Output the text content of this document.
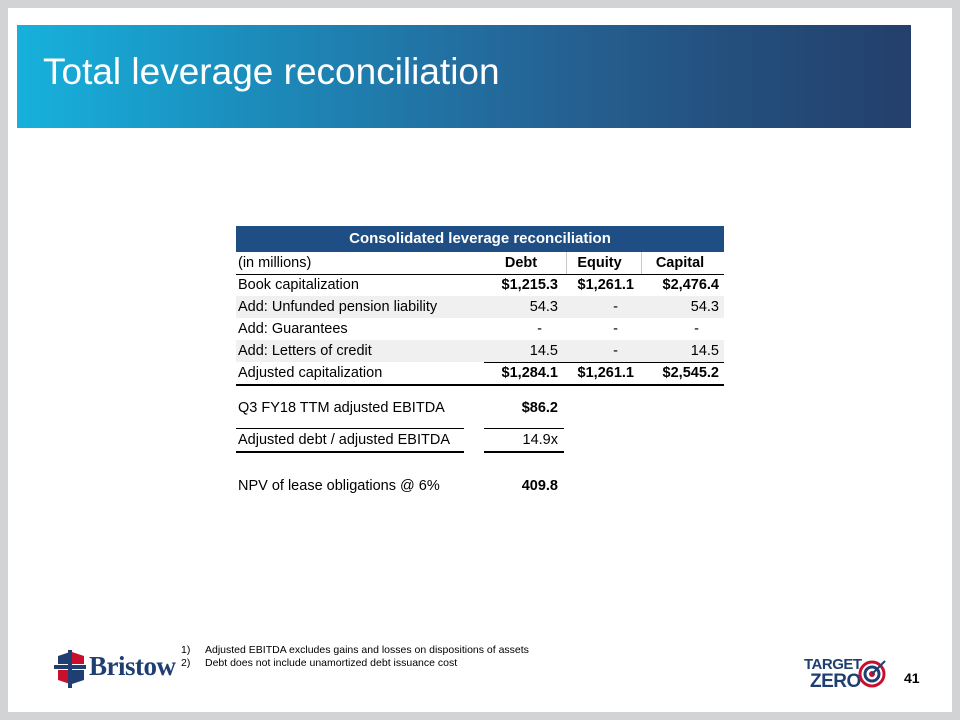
Total leverage reconciliation
Consolidated leverage reconciliation
(in millions)	Debt	Equity	Capital
Book capitalization	$1,215.3	$1,261.1	$2,476.4
Add: Unfunded pension liability	54.3	-	54.3
Add: Guarantees	-	-	-
Add: Letters of credit	14.5	-	14.5
Adjusted capitalization	$1,284.1	$1,261.1	$2,545.2
Q3 FY18 TTM adjusted EBITDA	$86.2
Adjusted debt / adjusted EBITDA	14.9x
NPV of lease obligations @ 6%	409.8
1)	Adjusted EBITDA excludes gains and losses on dispositions of assets
2)	Debt does not include unamortized debt issuance cost
Bristow	TARGET
ZERO	41
